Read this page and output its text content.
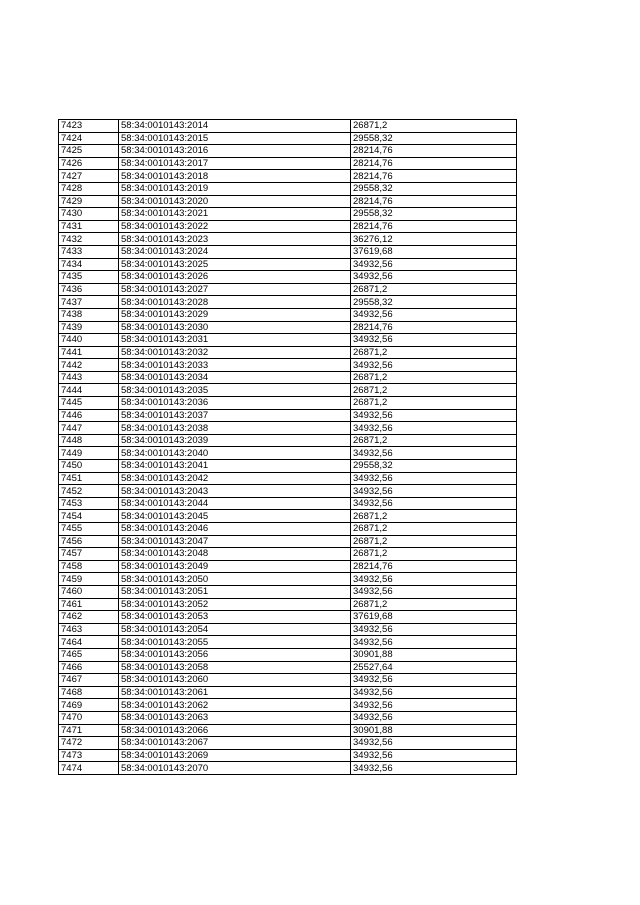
7423	58:34:0010143:2014	26871,2
7424	58:34:0010143:2015	29558,32
7425	58:34:0010143:2016	28214,76
7426	58:34:0010143:2017	28214,76
7427	58:34:0010143:2018	28214,76
7428	58:34:0010143:2019	29558,32
7429	58:34:0010143:2020	28214,76
7430	58:34:0010143:2021	29558,32
7431	58:34:0010143:2022	28214,76
7432	58:34:0010143:2023	36276,12
7433	58:34:0010143:2024	37619,68
7434	58:34:0010143:2025	34932,56
7435	58:34:0010143:2026	34932,56
7436	58:34:0010143:2027	26871,2
7437	58:34:0010143:2028	29558,32
7438	58:34:0010143:2029	34932,56
7439	58:34:0010143:2030	28214,76
7440	58:34:0010143:2031	34932,56
7441	58:34:0010143:2032	26871,2
7442	58:34:0010143:2033	34932,56
7443	58:34:0010143:2034	26871,2
7444	58:34:0010143:2035	26871,2
7445	58:34:0010143:2036	26871,2
7446	58:34:0010143:2037	34932,56
7447	58:34:0010143:2038	34932,56
7448	58:34:0010143:2039	26871,2
7449	58:34:0010143:2040	34932,56
7450	58:34:0010143:2041	29558,32
7451	58:34:0010143:2042	34932,56
7452	58:34:0010143:2043	34932,56
7453	58:34:0010143:2044	34932,56
7454	58:34:0010143:2045	26871,2
7455	58:34:0010143:2046	26871,2
7456	58:34:0010143:2047	26871,2
7457	58:34:0010143:2048	26871,2
7458	58:34:0010143:2049	28214,76
7459	58:34:0010143:2050	34932,56
7460	58:34:0010143:2051	34932,56
7461	58:34:0010143:2052	26871,2
7462	58:34:0010143:2053	37619,68
7463	58:34:0010143:2054	34932,56
7464	58:34:0010143:2055	34932,56
7465	58:34:0010143:2056	30901,88
7466	58:34:0010143:2058	25527,64
7467	58:34:0010143:2060	34932,56
7468	58:34:0010143:2061	34932,56
7469	58:34:0010143:2062	34932,56
7470	58:34:0010143:2063	34932,56
7471	58:34:0010143:2066	30901,88
7472	58:34:0010143:2067	34932,56
7473	58:34:0010143:2069	34932,56
7474	58:34:0010143:2070	34932,56
